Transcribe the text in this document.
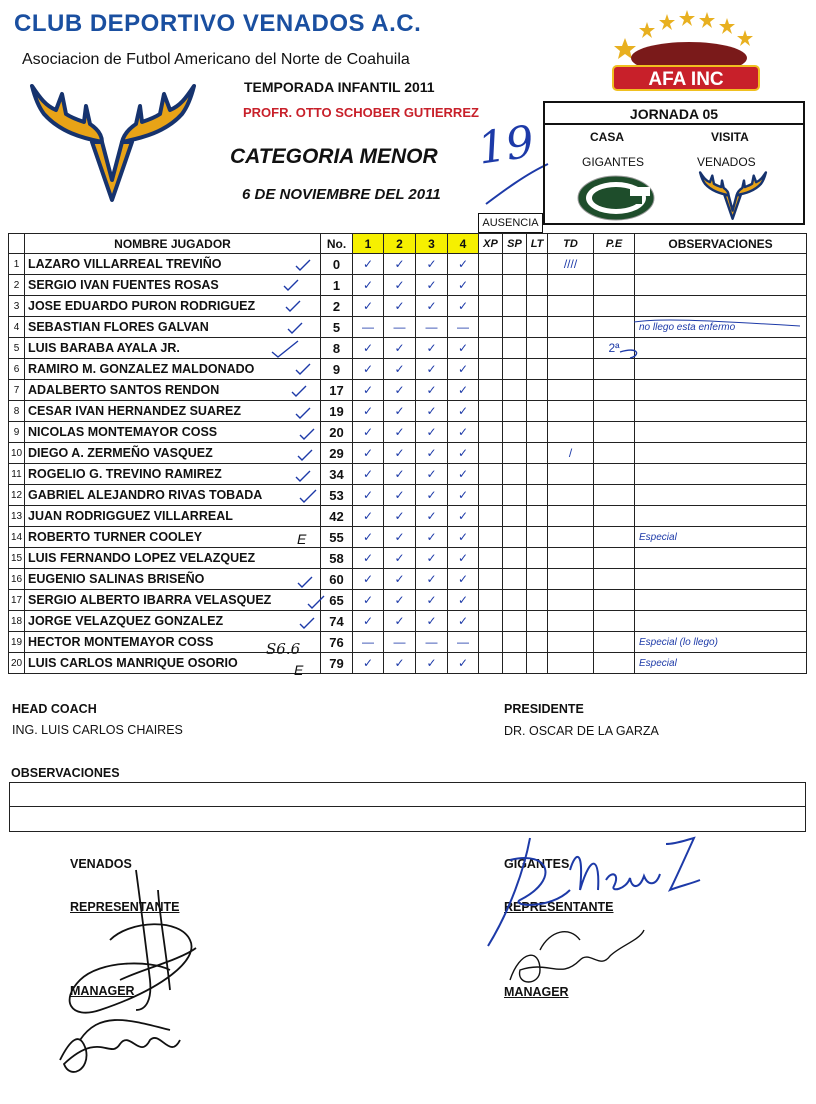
CLUB DEPORTIVO VENADOS A.C.
Asociacion de Futbol Americano del Norte de Coahuila
TEMPORADA INFANTIL 2011
PROFR. OTTO SCHOBER GUTIERREZ
CATEGORIA MENOR
6 DE NOVIEMBRE DEL 2011
AFA INC
19
JORNADA 05
CASA	VISITA
GIGANTES	VENADOS
AUSENCIA
	NOMBRE JUGADOR	No.	1	2	3	4	XP	SP	LT	TD	P.E	OBSERVACIONES
1	LAZARO VILLARREAL TREVIÑO	0	✓	✓	✓	✓				////		
2	SERGIO IVAN FUENTES ROSAS	1	✓	✓	✓	✓						
3	JOSE EDUARDO PURON RODRIGUEZ	2	✓	✓	✓	✓						
4	SEBASTIAN FLORES GALVAN	5	—	—	—	—						no llego esta enfermo
5	LUIS BARABA AYALA JR.	8	✓	✓	✓	✓					2ª	
6	RAMIRO M. GONZALEZ MALDONADO	9	✓	✓	✓	✓						
7	ADALBERTO SANTOS RENDON	17	✓	✓	✓	✓						
8	CESAR IVAN HERNANDEZ SUAREZ	19	✓	✓	✓	✓						
9	NICOLAS MONTEMAYOR COSS	20	✓	✓	✓	✓						
10	DIEGO A. ZERMEÑO VASQUEZ	29	✓	✓	✓	✓				/		
11	ROGELIO G. TREVINO RAMIREZ	34	✓	✓	✓	✓						
12	GABRIEL ALEJANDRO RIVAS TOBADA	53	✓	✓	✓	✓						
13	JUAN RODRIGGUEZ VILLARREAL	42	✓	✓	✓	✓						
14	ROBERTO TURNER COOLEY	55	✓	✓	✓	✓						Especial
15	LUIS FERNANDO LOPEZ VELAZQUEZ	58	✓	✓	✓	✓						
16	EUGENIO SALINAS BRISEÑO	60	✓	✓	✓	✓						
17	SERGIO ALBERTO IBARRA VELASQUEZ	65	✓	✓	✓	✓						
18	JORGE VELAZQUEZ GONZALEZ	74	✓	✓	✓	✓						
19	HECTOR MONTEMAYOR COSS	76	—	—	—	—						Especial (lo llego)
20	LUIS CARLOS MANRIQUE OSORIO	79	✓	✓	✓	✓						Especial
S6.6
E
E
HEAD COACH
ING. LUIS CARLOS CHAIRES
PRESIDENTE
DR. OSCAR DE LA GARZA
OBSERVACIONES
VENADOS
REPRESENTANTE
MANAGER
GIGANTES
REPRESENTANTE
MANAGER
